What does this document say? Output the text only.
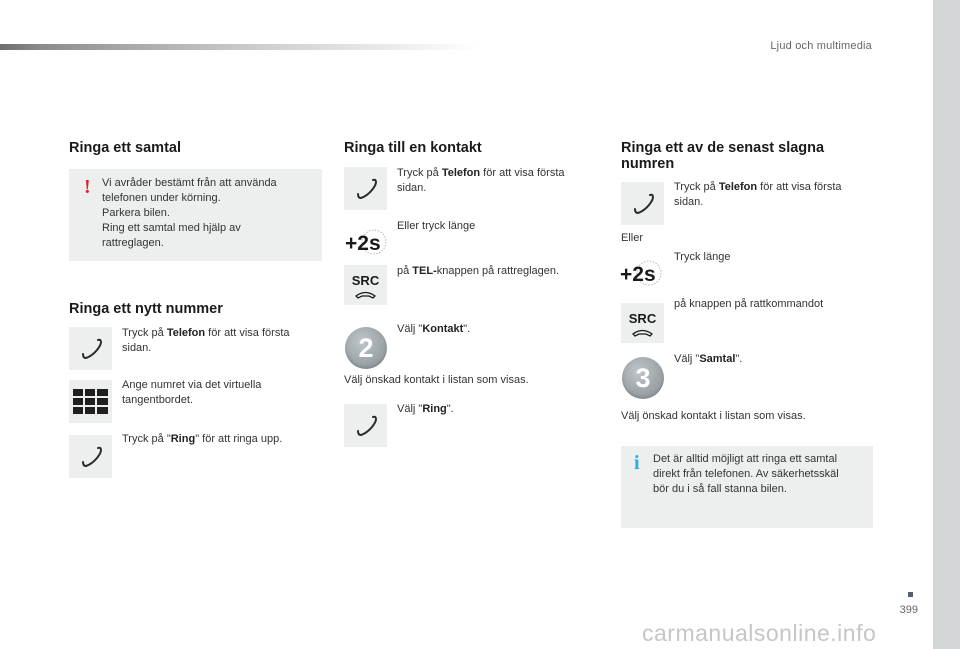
Ljud och multimedia
399
carmanualsonline.info
Ringa ett samtal
! Vi avråder bestämt från att använda
telefonen under körning.
Parkera bilen.
Ring ett samtal med hjälp av
rattreglagen.
Ringa ett nytt nummer
Tryck på Telefon för att visa första
sidan.
Ange numret via det virtuella
tangentbordet.
Tryck på "Ring" för att ringa upp.
Ringa till en kontakt
Tryck på Telefon för att visa första
sidan.
+2s
Eller tryck länge
SRC
på TEL-knappen på rattreglagen.
2
Välj "Kontakt".
Välj önskad kontakt i listan som visas.
Välj "Ring".
Ringa ett av de senast slagna
numren
Tryck på Telefon för att visa första
sidan.
Eller
+2s
Tryck länge
SRC
på knappen på rattkommandot
3
Välj "Samtal".
Välj önskad kontakt i listan som visas.
i Det är alltid möjligt att ringa ett samtal
direkt från telefonen. Av säkerhetsskäl
bör du i så fall stanna bilen.
